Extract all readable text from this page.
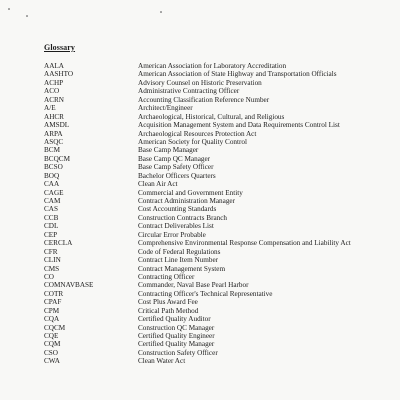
Glossary
AALA	American Association for Laboratory Accreditation
AASHTO	American Association of State Highway and Transportation Officials
ACHP	Advisory Counsel on Historic Preservation
ACO	Administrative Contracting Officer
ACRN	Accounting Classification Reference Number
A/E	Architect/Engineer
AHCR	Archaeological, Historical, Cultural, and Religious
AMSDL	Acquisition Management System and Data Requirements Control List
ARPA	Archaeological Resources Protection Act
ASQC	American Society for Quality Control
BCM	Base Camp Manager
BCQCM	Base Camp QC Manager
BCSO	Base Camp Safety Officer
BOQ	Bachelor Officers Quarters
CAA	Clean Air Act
CAGE	Commercial and Government Entity
CAM	Contract Administration Manager
CAS	Cost Accounting Standards
CCB	Construction Contracts Branch
CDL	Contract Deliverables List
CEP	Circular Error Probable
CERCLA	Comprehensive Environmental Response Compensation and Liability Act
CFR	Code of Federal Regulations
CLIN	Contract Line Item Number
CMS	Contract Management System
CO	Contracting Officer
COMNAVBASE	Commander, Naval Base Pearl Harbor
COTR	Contracting Officer's Technical Representative
CPAF	Cost Plus Award Fee
CPM	Critical Path Method
CQA	Certified Quality Auditor
CQCM	Construction QC Manager
CQE	Certified Quality Engineer
CQM	Certified Quality Manager
CSO	Construction Safety Officer
CWA	Clean Water Act
